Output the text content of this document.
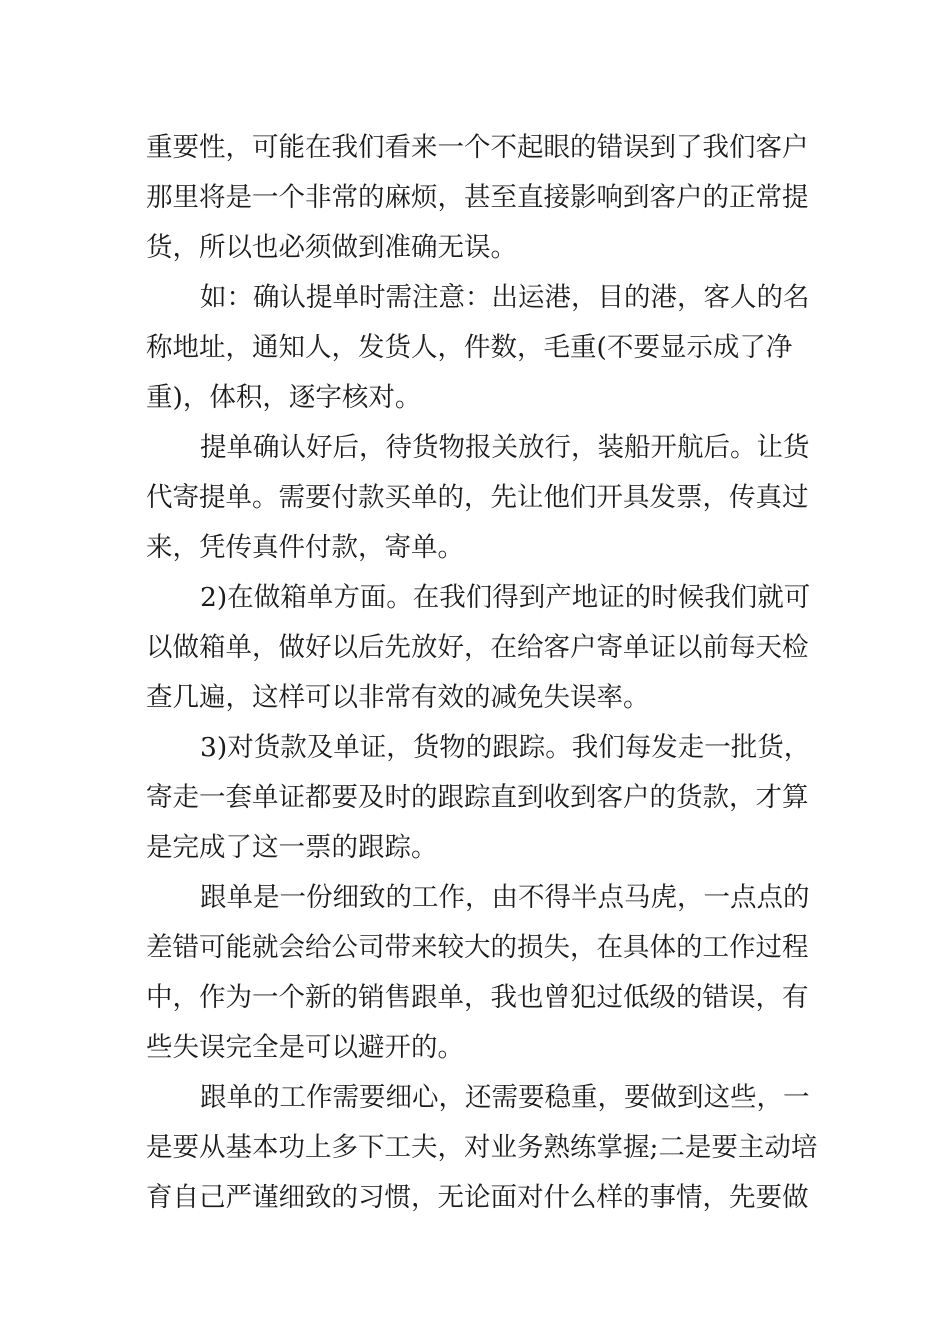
重要性，可能在我们看来一个不起眼的错误到了我们客户
那里将是一个非常的麻烦，甚至直接影响到客户的正常提
货，所以也必须做到准确无误。
如：确认提单时需注意：出运港，目的港，客人的名
称地址，通知人，发货人，件数，毛重(不要显示成了净
重)，体积，逐字核对。
提单确认好后，待货物报关放行，装船开航后。让货
代寄提单。需要付款买单的，先让他们开具发票，传真过
来，凭传真件付款，寄单。
2)在做箱单方面。在我们得到产地证的时候我们就可
以做箱单，做好以后先放好，在给客户寄单证以前每天检
查几遍，这样可以非常有效的减免失误率。
3)对货款及单证，货物的跟踪。我们每发走一批货，
寄走一套单证都要及时的跟踪直到收到客户的货款，才算
是完成了这一票的跟踪。
跟单是一份细致的工作，由不得半点马虎，一点点的
差错可能就会给公司带来较大的损失，在具体的工作过程
中，作为一个新的销售跟单，我也曾犯过低级的错误，有
些失误完全是可以避开的。
跟单的工作需要细心，还需要稳重，要做到这些，一
是要从基本功上多下工夫，对业务熟练掌握;二是要主动培
育自己严谨细致的习惯，无论面对什么样的事情，先要做
